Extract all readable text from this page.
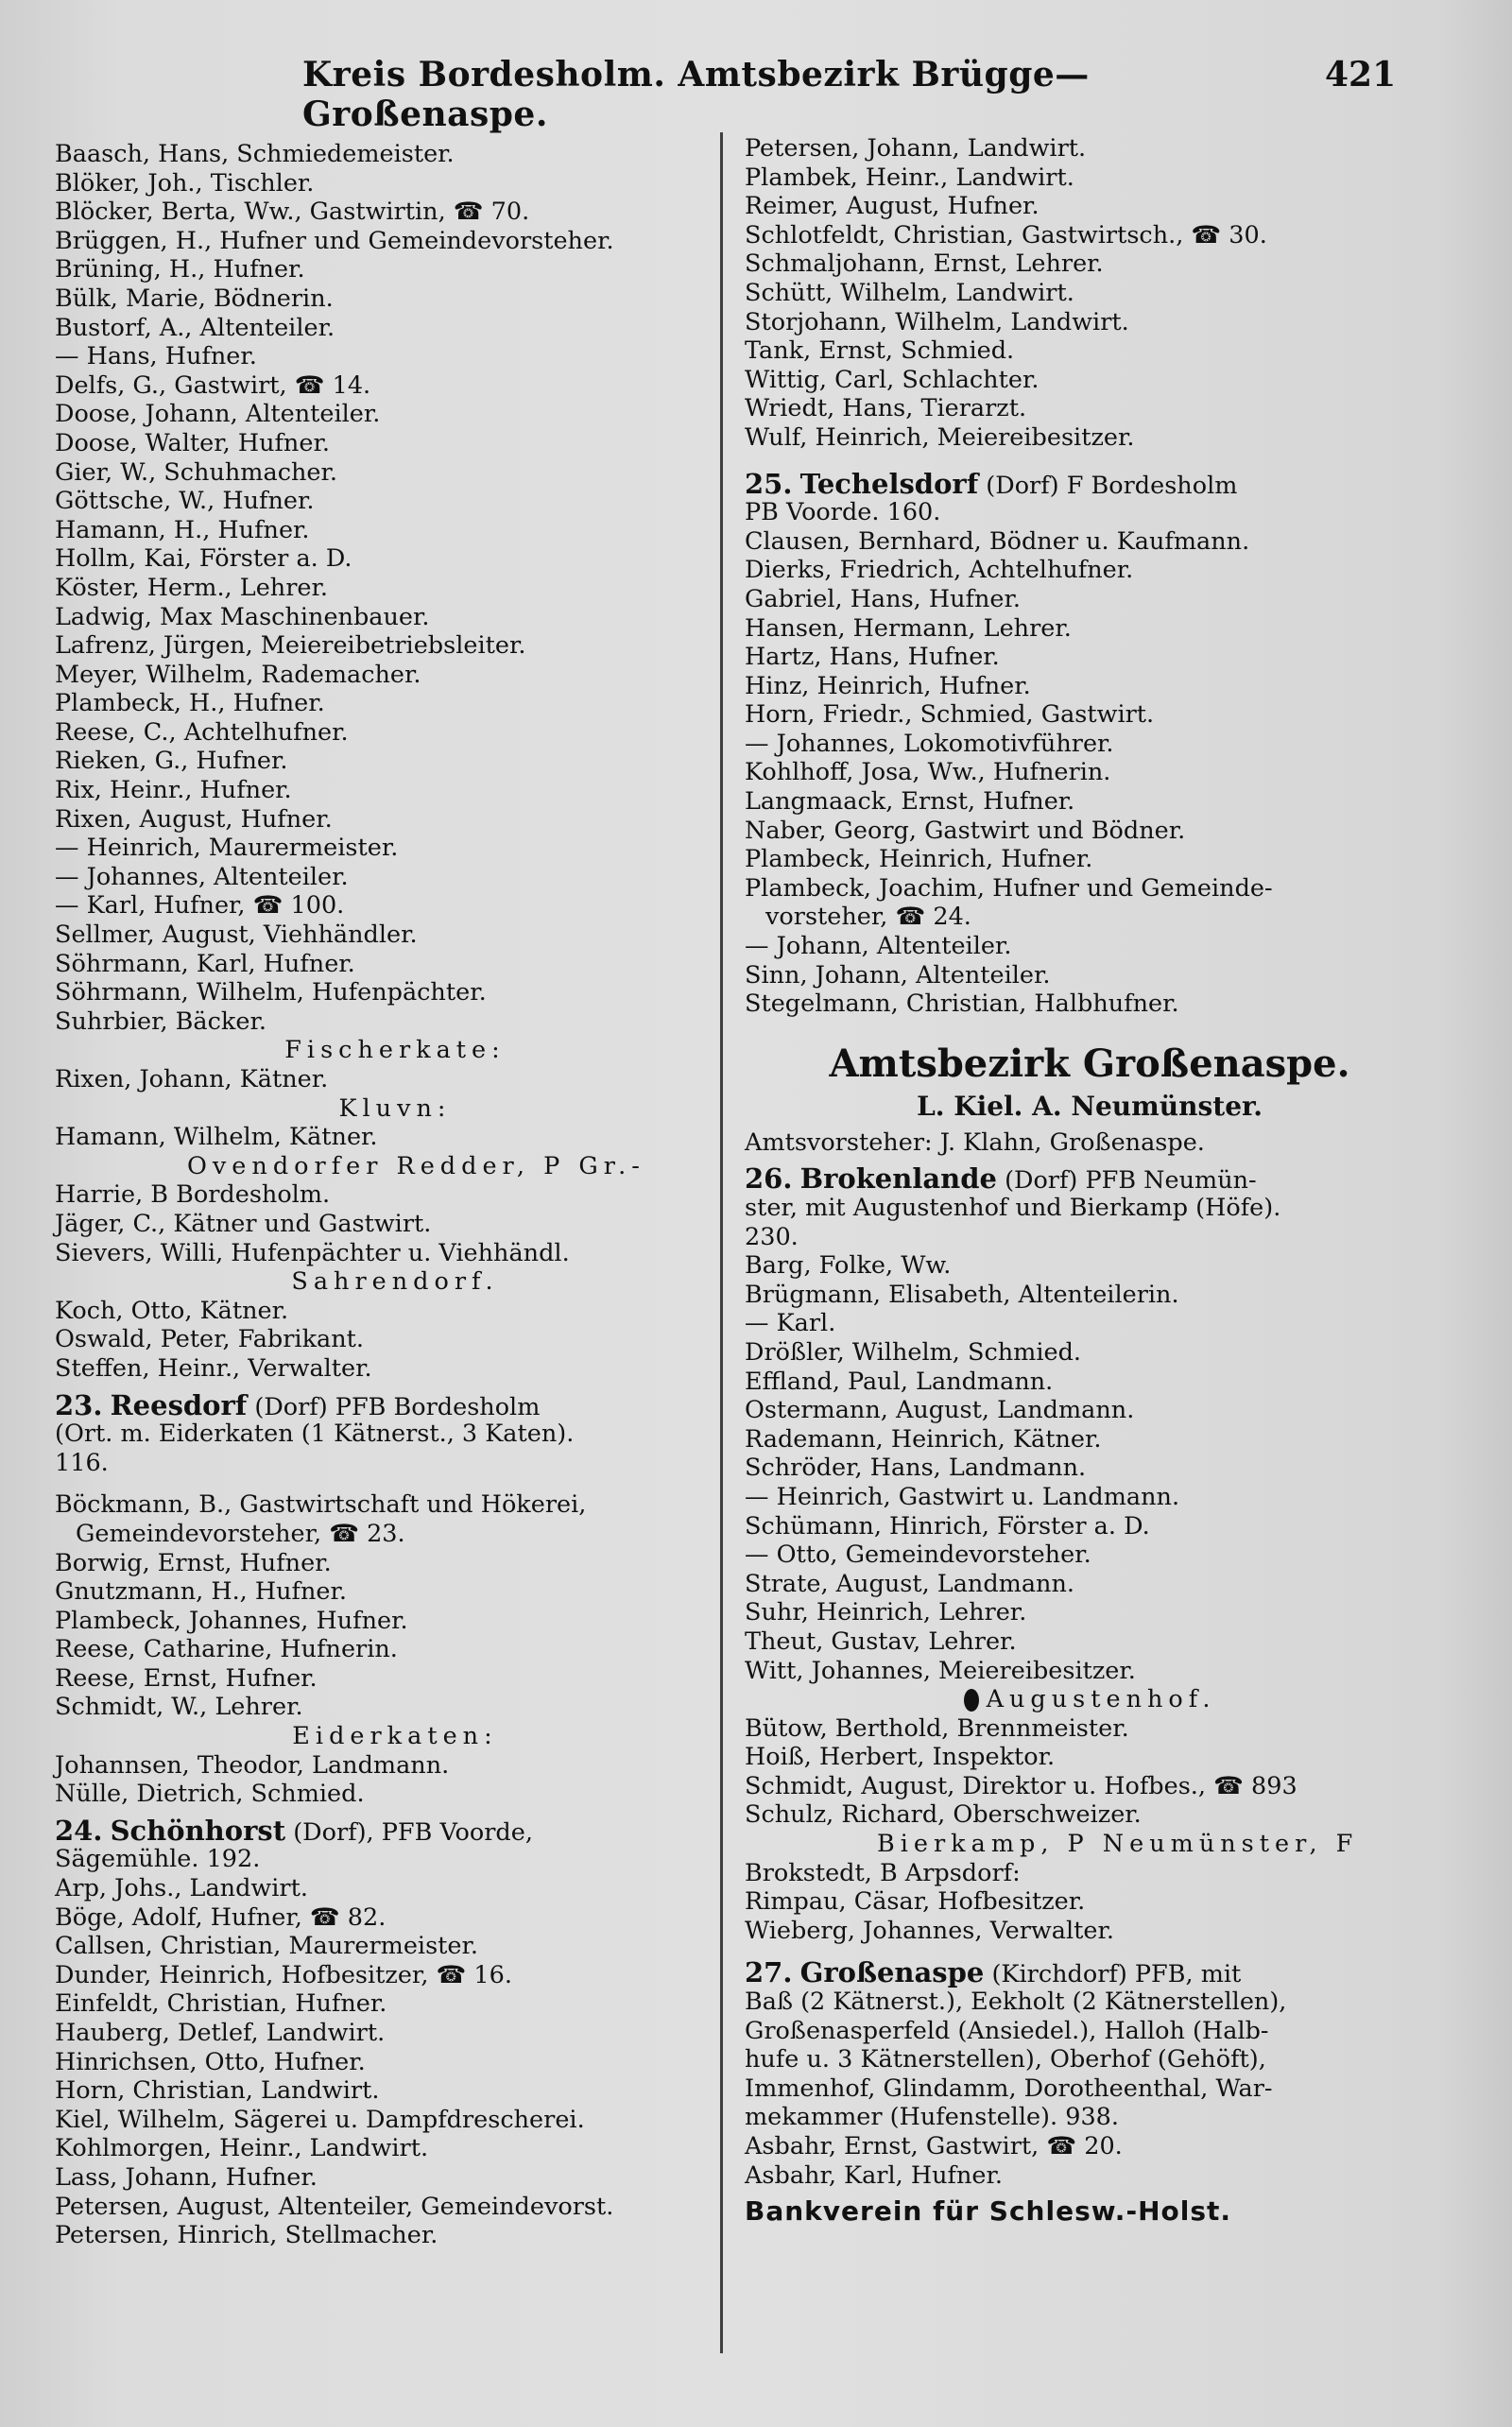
Kreis Bordesholm. Amtsbezirk Brügge—Großenaspe.
421
Baasch, Hans, Schmiedemeister.
Blöker, Joh., Tischler.
Blöcker, Berta, Ww., Gastwirtin, ☎ 70.
Brüggen, H., Hufner und Gemeindevorsteher.
Brüning, H., Hufner.
Bülk, Marie, Bödnerin.
Bustorf, A., Altenteiler.
— Hans, Hufner.
Delfs, G., Gastwirt, ☎ 14.
Doose, Johann, Altenteiler.
Doose, Walter, Hufner.
Gier, W., Schuhmacher.
Göttsche, W., Hufner.
Hamann, H., Hufner.
Hollm, Kai, Förster a. D.
Köster, Herm., Lehrer.
Ladwig, Max Maschinenbauer.
Lafrenz, Jürgen, Meiereibetriebsleiter.
Meyer, Wilhelm, Rademacher.
Plambeck, H., Hufner.
Reese, C., Achtelhufner.
Rieken, G., Hufner.
Rix, Heinr., Hufner.
Rixen, August, Hufner.
— Heinrich, Maurermeister.
— Johannes, Altenteiler.
— Karl, Hufner, ☎ 100.
Sellmer, August, Viehhändler.
Söhrmann, Karl, Hufner.
Söhrmann, Wilhelm, Hufenpächter.
Suhrbier, Bäcker.
Fischerkate:
Rixen, Johann, Kätner.
Kluvn:
Hamann, Wilhelm, Kätner.
Ovendorfer Redder, P Gr.-
Harrie, B Bordesholm.
Jäger, C., Kätner und Gastwirt.
Sievers, Willi, Hufenpächter u. Viehhändl.
Sahrendorf.
Koch, Otto, Kätner.
Oswald, Peter, Fabrikant.
Steffen, Heinr., Verwalter.
23. Reesdorf (Dorf) PFB Bordesholm
(Ort. m. Eiderkaten (1 Kätnerst., 3 Katen).
116.
Böckmann, B., Gastwirtschaft und Hökerei,
Gemeindevorsteher, ☎ 23.
Borwig, Ernst, Hufner.
Gnutzmann, H., Hufner.
Plambeck, Johannes, Hufner.
Reese, Catharine, Hufnerin.
Reese, Ernst, Hufner.
Schmidt, W., Lehrer.
Eiderkaten:
Johannsen, Theodor, Landmann.
Nülle, Dietrich, Schmied.
24. Schönhorst (Dorf), PFB Voorde,
Sägemühle. 192.
Arp, Johs., Landwirt.
Böge, Adolf, Hufner, ☎ 82.
Callsen, Christian, Maurermeister.
Dunder, Heinrich, Hofbesitzer, ☎ 16.
Einfeldt, Christian, Hufner.
Hauberg, Detlef, Landwirt.
Hinrichsen, Otto, Hufner.
Horn, Christian, Landwirt.
Kiel, Wilhelm, Sägerei u. Dampfdrescherei.
Kohlmorgen, Heinr., Landwirt.
Lass, Johann, Hufner.
Petersen, August, Altenteiler, Gemeindevorst.
Petersen, Hinrich, Stellmacher.
Petersen, Johann, Landwirt.
Plambek, Heinr., Landwirt.
Reimer, August, Hufner.
Schlotfeldt, Christian, Gastwirtsch., ☎ 30.
Schmaljohann, Ernst, Lehrer.
Schütt, Wilhelm, Landwirt.
Storjohann, Wilhelm, Landwirt.
Tank, Ernst, Schmied.
Wittig, Carl, Schlachter.
Wriedt, Hans, Tierarzt.
Wulf, Heinrich, Meiereibesitzer.
25. Techelsdorf (Dorf) F Bordesholm
PB Voorde. 160.
Clausen, Bernhard, Bödner u. Kaufmann.
Dierks, Friedrich, Achtelhufner.
Gabriel, Hans, Hufner.
Hansen, Hermann, Lehrer.
Hartz, Hans, Hufner.
Hinz, Heinrich, Hufner.
Horn, Friedr., Schmied, Gastwirt.
— Johannes, Lokomotivführer.
Kohlhoff, Josa, Ww., Hufnerin.
Langmaack, Ernst, Hufner.
Naber, Georg, Gastwirt und Bödner.
Plambeck, Heinrich, Hufner.
Plambeck, Joachim, Hufner und Gemeinde-
vorsteher, ☎ 24.
— Johann, Altenteiler.
Sinn, Johann, Altenteiler.
Stegelmann, Christian, Halbhufner.
Amtsbezirk Großenaspe.
L. Kiel. A. Neumünster.
Amtsvorsteher: J. Klahn, Großenaspe.
26. Brokenlande (Dorf) PFB Neumün-
ster, mit Augustenhof und Bierkamp (Höfe).
230.
Barg, Folke, Ww.
Brügmann, Elisabeth, Altenteilerin.
— Karl.
Drößler, Wilhelm, Schmied.
Effland, Paul, Landmann.
Ostermann, August, Landmann.
Rademann, Heinrich, Kätner.
Schröder, Hans, Landmann.
— Heinrich, Gastwirt u. Landmann.
Schümann, Hinrich, Förster a. D.
— Otto, Gemeindevorsteher.
Strate, August, Landmann.
Suhr, Heinrich, Lehrer.
Theut, Gustav, Lehrer.
Witt, Johannes, Meiereibesitzer.
Augustenhof.
Bütow, Berthold, Brennmeister.
Hoiß, Herbert, Inspektor.
Schmidt, August, Direktor u. Hofbes., ☎ 893
Schulz, Richard, Oberschweizer.
Bierkamp, P Neumünster, F
Brokstedt, B Arpsdorf:
Rimpau, Cäsar, Hofbesitzer.
Wieberg, Johannes, Verwalter.
27. Großenaspe (Kirchdorf) PFB, mit
Baß (2 Kätnerst.), Eekholt (2 Kätnerstellen),
Großenasperfeld (Ansiedel.), Halloh (Halb-
hufe u. 3 Kätnerstellen), Oberhof (Gehöft),
Immenhof, Glindamm, Dorotheenthal, War-
mekammer (Hufenstelle). 938.
Asbahr, Ernst, Gastwirt, ☎ 20.
Asbahr, Karl, Hufner.
Bankverein für Schlesw.-Holst.
